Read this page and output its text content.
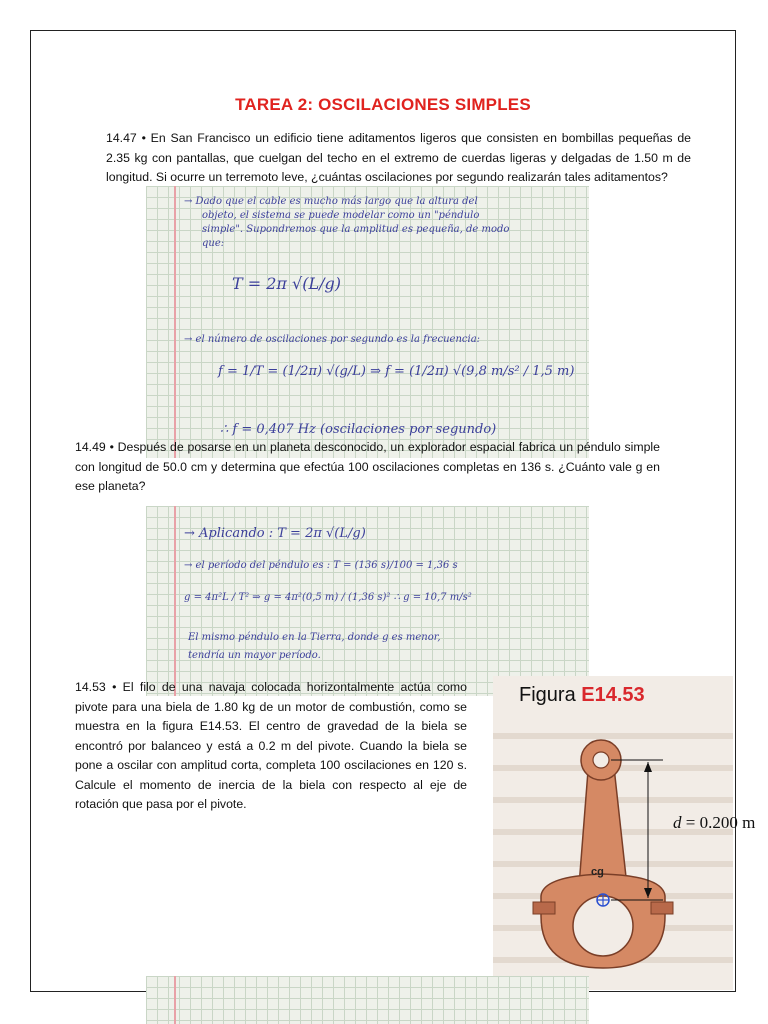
TAREA 2: OSCILACIONES SIMPLES
14.47 • En San Francisco un edificio tiene aditamentos ligeros que consisten en bombillas pequeñas de 2.35 kg con pantallas, que cuelgan del techo en el extremo de cuerdas ligeras y delgadas de 1.50 m de longitud. Si ocurre un terremoto leve, ¿cuántas oscilaciones por segundo realizarán tales aditamentos?
→ Dado que el cable es mucho más largo que la altura del
objeto, el sistema se puede modelar como un "péndulo
simple". Supondremos que la amplitud es pequeña, de modo
que:
T = 2π √(L/g)
→ el número de oscilaciones por segundo es la frecuencia:
f = 1/T = (1/2π) √(g/L) ⇒ f = (1/2π) √(9,8 m/s² / 1,5 m)
∴ f = 0,407 Hz (oscilaciones por segundo)
14.49 • Después de posarse en un planeta desconocido, un explorador espacial fabrica un péndulo simple con longitud de 50.0 cm y determina que efectúa 100 oscilaciones completas en 136 s. ¿Cuánto vale g en ese planeta?
→ Aplicando : T = 2π √(L/g)
→ el período del péndulo es : T = (136 s)/100 = 1,36 s
g = 4π²L / T² ⇒ g = 4π²(0,5 m) / (1,36 s)² ∴ g = 10,7 m/s²
El mismo péndulo en la Tierra, donde g es menor,
tendría un mayor período.
14.53 • El filo de una navaja colocada horizontalmente actúa como pivote para una biela de 1.80 kg de un motor de combustión, como se muestra en la figura E14.53. El centro de gravedad de la biela se encontró por balanceo y está a 0.2 m del pivote. Cuando la biela se pone a oscilar con amplitud corta, completa 100 oscilaciones en 120 s. Calcule el momento de inercia de la biela con respecto al eje de rotación que pasa por el pivote.
Figura E14.53
d = 0.200 m
cg
